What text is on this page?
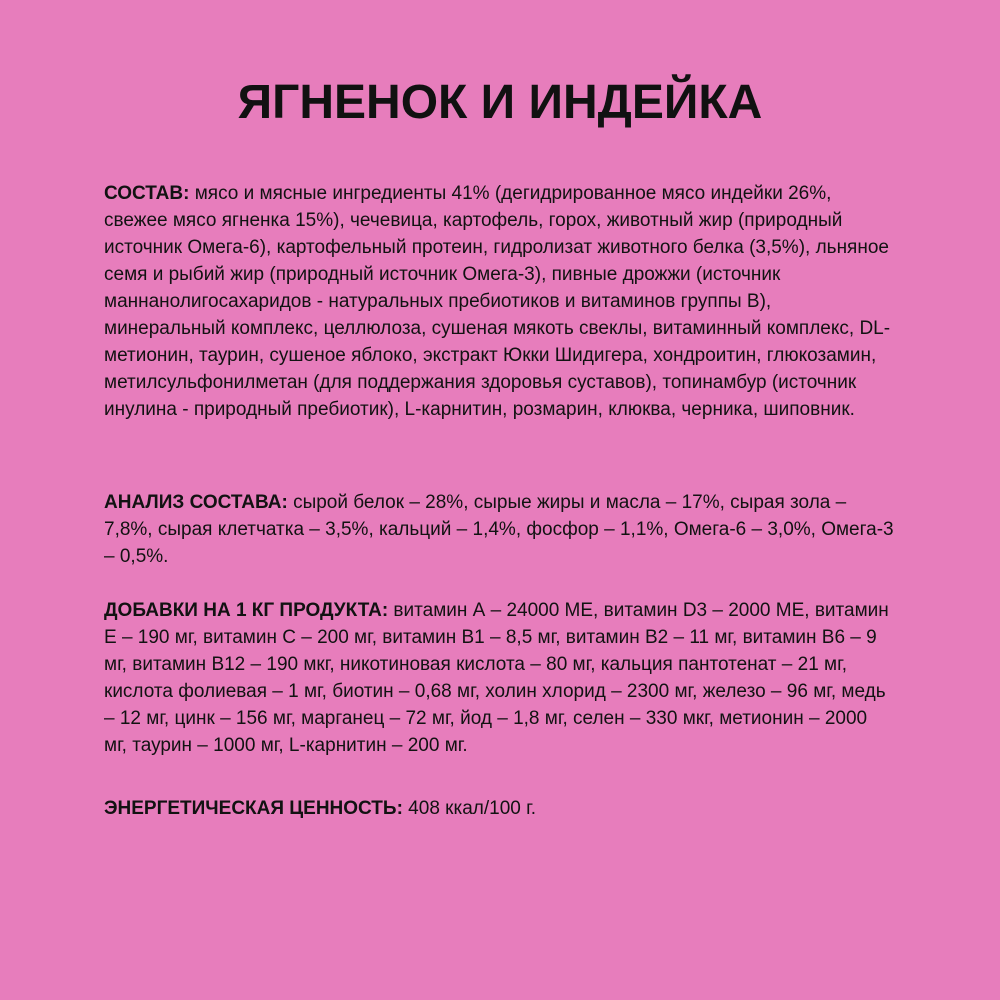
ЯГНЕНОК И ИНДЕЙКА

СОСТАВ: мясо и мясные ингредиенты 41% (дегидрированное мясо индейки 26%, свежее мясо ягненка 15%), чечевица, картофель, горох, животный жир (природный источник Омега-6), картофельный протеин, гидролизат животного белка (3,5%), льняное семя и рыбий жир (природный источник Омега-3), пивные дрожжи (источник маннанолигосахаридов - натуральных пребиотиков и витаминов группы В), минеральный комплекс, целлюлоза, сушеная мякоть свеклы, витаминный комплекс, DL-метионин, таурин, сушеное яблоко, экстракт Юкки Шидигера, хондроитин, глюкозамин, метилсульфонилметан (для поддержания здоровья суставов), топинамбур (источник инулина - природный пребиотик), L-карнитин, розмарин, клюква, черника, шиповник.

АНАЛИЗ СОСТАВА: сырой белок – 28%, сырые жиры и масла – 17%, сырая зола – 7,8%, сырая клетчатка – 3,5%, кальций – 1,4%, фосфор – 1,1%, Омега-6 – 3,0%, Омега-3 – 0,5%.

ДОБАВКИ НА 1 КГ ПРОДУКТА: витамин А – 24000 МЕ, витамин D3 – 2000 МЕ, витамин Е – 190 мг, витамин С – 200 мг, витамин В1 – 8,5 мг, витамин В2 – 11 мг, витамин В6 – 9 мг, витамин В12 – 190 мкг, никотиновая кислота – 80 мг, кальция пантотенат – 21 мг, кислота фолиевая – 1 мг, биотин – 0,68 мг, холин хлорид – 2300 мг, железо – 96 мг, медь – 12 мг, цинк – 156 мг, марганец – 72 мг, йод – 1,8 мг, селен – 330 мкг, метионин – 2000 мг, таурин – 1000 мг, L-карнитин – 200 мг.

ЭНЕРГЕТИЧЕСКАЯ ЦЕННОСТЬ: 408 ккал/100 г.
